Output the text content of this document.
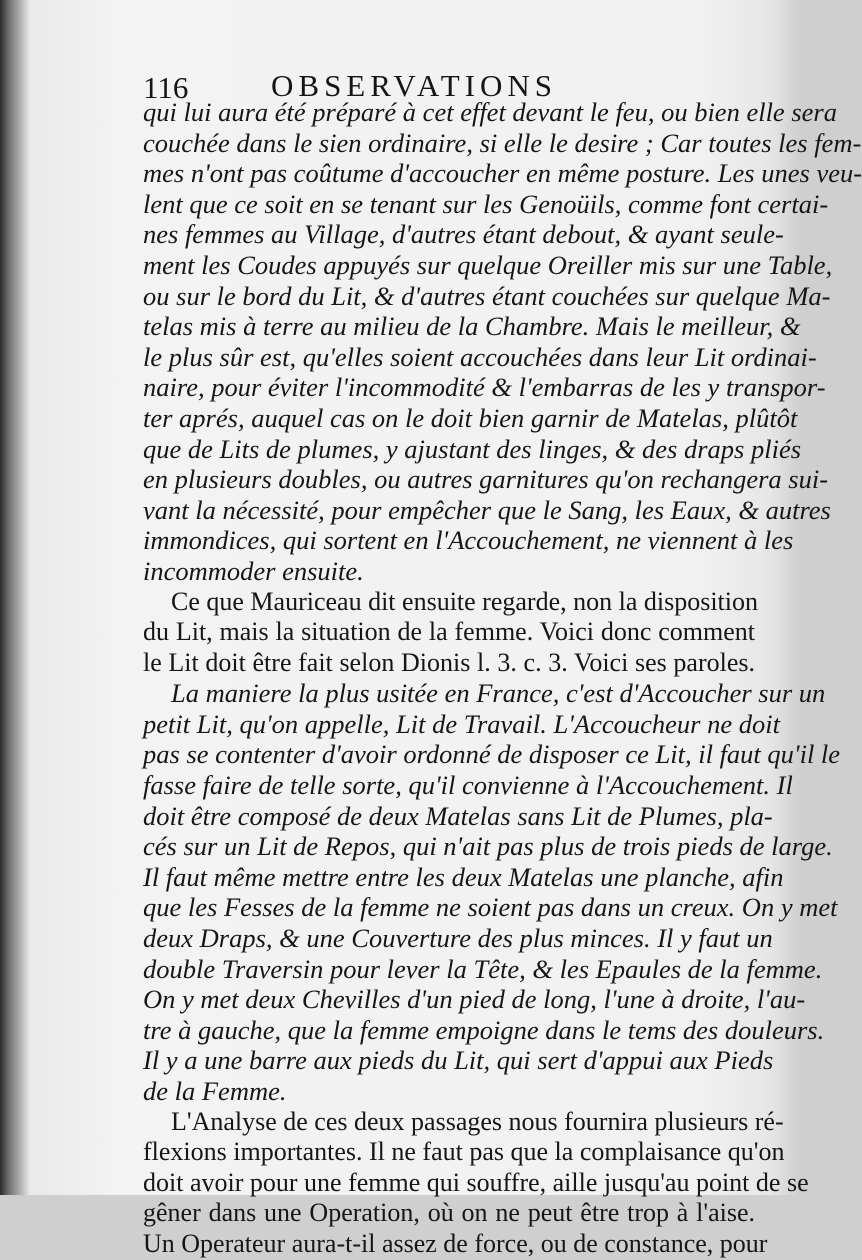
116	OBSERVATIONS
qui lui aura été préparé à cet effet devant le feu, ou bien elle sera
couchée dans le sien ordinaire, si elle le desire ; Car toutes les fem-
mes n'ont pas coûtume d'accoucher en même posture. Les unes veu-
lent que ce soit en se tenant sur les Genoüils, comme font certai-
nes femmes au Village, d'autres étant debout, & ayant seule-
ment les Coudes appuyés sur quelque Oreiller mis sur une Table,
ou sur le bord du Lit, & d'autres étant couchées sur quelque Ma-
telas mis à terre au milieu de la Chambre. Mais le meilleur, &
le plus sûr est, qu'elles soient accouchées dans leur Lit ordinai-
naire, pour éviter l'incommodité & l'embarras de les y transpor-
ter aprés, auquel cas on le doit bien garnir de Matelas, plûtôt
que de Lits de plumes, y ajustant des linges, & des draps pliés
en plusieurs doubles, ou autres garnitures qu'on rechangera sui-
vant la nécessité, pour empêcher que le Sang, les Eaux, & autres
immondices, qui sortent en l'Accouchement, ne viennent à les
incommoder ensuite.
Ce que Mauriceau dit ensuite regarde, non la disposition
du Lit, mais la situation de la femme. Voici donc comment
le Lit doit être fait selon Dionis l. 3. c. 3. Voici ses paroles.
La maniere la plus usitée en France, c'est d'Accoucher sur un
petit Lit, qu'on appelle, Lit de Travail. L'Accoucheur ne doit
pas se contenter d'avoir ordonné de disposer ce Lit, il faut qu'il le
fasse faire de telle sorte, qu'il convienne à l'Accouchement. Il
doit être composé de deux Matelas sans Lit de Plumes, pla-
cés sur un Lit de Repos, qui n'ait pas plus de trois pieds de large.
Il faut même mettre entre les deux Matelas une planche, afin
que les Fesses de la femme ne soient pas dans un creux. On y met
deux Draps, & une Couverture des plus minces. Il y faut un
double Traversin pour lever la Tête, & les Epaules de la femme.
On y met deux Chevilles d'un pied de long, l'une à droite, l'au-
tre à gauche, que la femme empoigne dans le tems des douleurs.
Il y a une barre aux pieds du Lit, qui sert d'appui aux Pieds
de la Femme.
L'Analyse de ces deux passages nous fournira plusieurs ré-
flexions importantes. Il ne faut pas que la complaisance qu'on
doit avoir pour une femme qui souffre, aille jusqu'au point de se
gêner dans une Operation, où on ne peut être trop à l'aise.
Un Operateur aura-t-il assez de force, ou de constance, pour
